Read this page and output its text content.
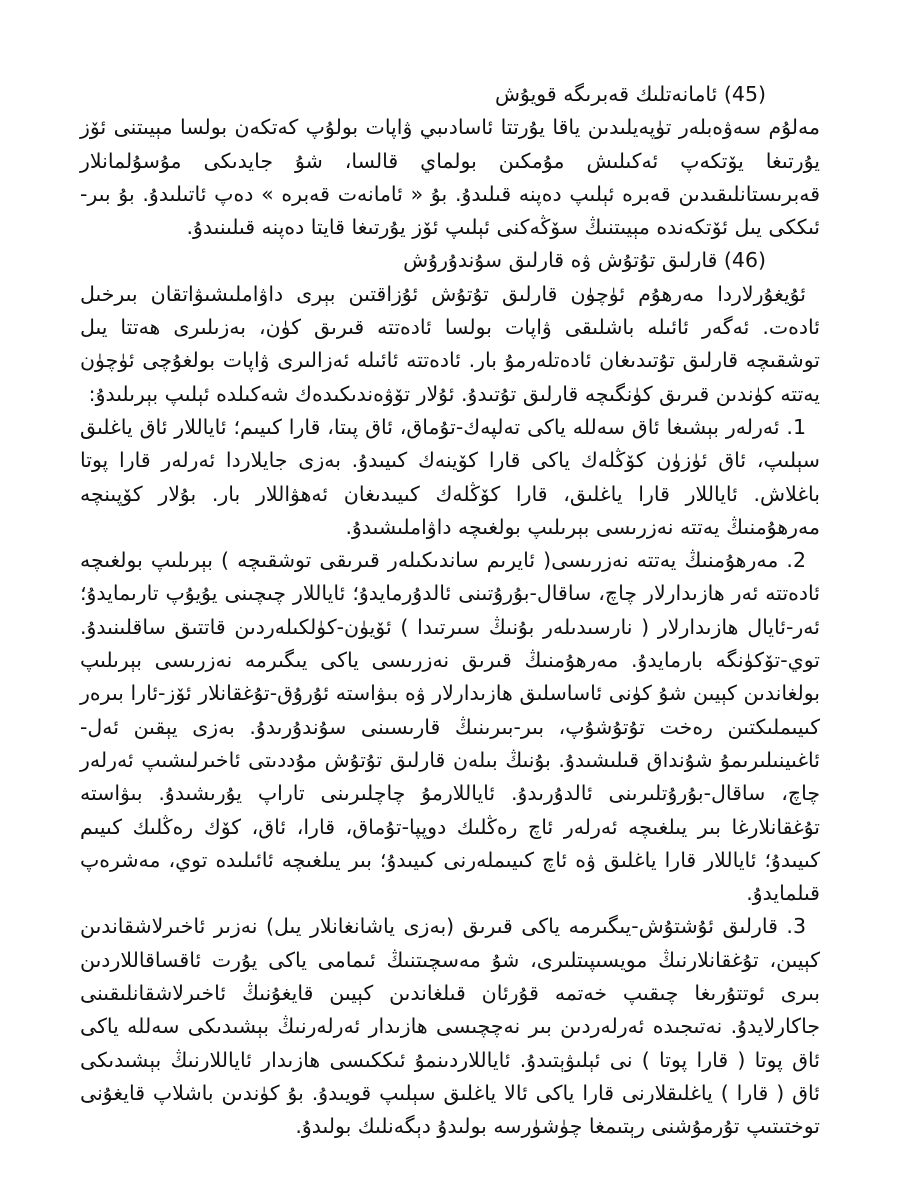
(45) ئامانەتلىك قەبرىگە قويۇش

مەلۇم سەۋەبلەر تۈپەيلىدىن ياقا يۇرتتا ئاسادىبي ۋاپات بولۇپ كەتكەن بولسا مېيىتنى ئۆز يۇرتىغا يۆتكەپ ئەكىلىش مۇمكىن بولماي قالسا، شۇ جايدىكى مۇسۇلمانلار قەبرىستانلىقىدىن قەبرە ئېلىپ دەپنە قىلىدۇ. بۇ « ئامانەت قەبرە » دەپ ئاتىلىدۇ. بۇ بىر-ئىككى يىل ئۆتكەندە مېيىتنىڭ سۆڭەكنى ئېلىپ ئۆز يۇرتىغا قايتا دەپنە قىلىنىدۇ.

(46) قارلىق تۇتۇش ۋە قارلىق سۇندۇرۇش

ئۇيغۇرلاردا مەرھۇم ئۈچۈن قارلىق تۇتۇش ئۇزاقتىن بېرى داۋاملىشىۋاتقان بىرخىل ئادەت. ئەگەر ئائىلە باشلىقى ۋاپات بولسا ئادەتتە قىرىق كۈن، بەزىلىرى ھەتتا يىل توشقىچە قارلىق تۇتىدىغان ئادەتلەرمۇ بار. ئادەتتە ئائىلە ئەزالىرى ۋاپات بولغۇچى ئۈچۈن يەتتە كۈندىن قىرىق كۈنگىچە قارلىق تۇتىدۇ. ئۇلار تۆۋەندىكىدەك شەكىلدە ئېلىپ بېرىلىدۇ:

1. ئەرلەر بېشىغا ئاق سەللە ياكى تەلپەك-تۇماق، ئاق پىتا، قارا كىيىم؛ ئاياللار ئاق ياغلىق سېلىپ، ئاق ئۈزۈن كۆڭلەك ياكى قارا كۆينەك كىيىدۇ. بەزى جايلاردا ئەرلەر قارا پوتا باغلاش. ئاياللار قارا ياغلىق، قارا كۆڭلەك كىيىدىغان ئەھۋاللار بار. بۇلار كۆپىنچە مەرھۇمنىڭ يەتتە نەزرىسى بېرىلىپ بولغىچە داۋاملىشىدۇ.

2. مەرھۇمنىڭ يەتتە نەزرىسى( ئايرىم ساندىكىلەر قىرىقى توشقىچە ) بېرىلىپ بولغىچە ئادەتتە ئەر ھازىدارلار چاچ، ساقال-بۇرۇتىنى ئالدۇرمايدۇ؛ ئاياللار چىچىنى يۇيۇپ تارىمايدۇ؛ ئەر-ئايال ھازىدارلار ( نارسىدىلەر بۇنىڭ سىرتىدا ) ئۆيۈن-كۈلكىلەردىن قاتتىق ساقلىنىدۇ. توي-تۆكۈنگە بارمايدۇ. مەرھۇمنىڭ قىرىق نەزرىسى ياكى يىگىرمە نەزرىسى بېرىلىپ بولغاندىن كېيىن شۇ كۈنى ئاساسلىق ھازىدارلار ۋە بىۋاستە ئۇرۇق-تۇغقانلار ئۆز-ئارا بىرەر كىيىملىكتىن رەخت تۇتۇشۇپ، بىر-بىرىنىڭ قارىسىنى سۇندۇرىدۇ. بەزى يېقىن ئەل-ئاغىينىلىرىمۇ شۇنداق قىلىشىدۇ. بۇنىڭ بىلەن قارلىق تۇتۇش مۇددىتى ئاخىرلىشىپ ئەرلەر چاچ، ساقال-بۇرۇتلىرىنى ئالدۇرىدۇ. ئاياللارمۇ چاچلىرىنى تاراپ يۇرىشىدۇ. بىۋاستە تۇغقانلارغا بىر يىلغىچە ئەرلەر ئاچ رەڭلىك دوپپا-تۇماق، قارا، ئاق، كۆك رەڭلىك كىيىم كىيىدۇ؛ ئاياللار قارا ياغلىق ۋە ئاچ كىيىملەرنى كىيىدۇ؛ بىر يىلغىچە ئائىلىدە توي، مەشرەپ قىلمايدۇ.

3. قارلىق ئۇشتۇش-يىگىرمە ياكى قىرىق (بەزى ياشانغانلار يىل) نەزىر ئاخىرلاشقاندىن كېيىن، تۇغقانلارنىڭ مويسىپىتلىرى، شۇ مەسچىتنىڭ ئىمامى ياكى يۇرت ئاقساقاللاردىن بىرى ئوتتۇرىغا چىقىپ خەتمە قۇرئان قىلغاندىن كېيىن قايغۇنىڭ ئاخىرلاشقانلىقىنى جاكارلايدۇ. نەتىجىدە ئەرلەردىن بىر نەچچىسى ھازىدار ئەرلەرنىڭ بېشىدىكى سەللە ياكى ئاق پوتا ( قارا پوتا ) نى ئېلىۋېتىدۇ. ئاياللاردىنمۇ ئىككىسى ھازىدار ئاياللارنىڭ بېشىدىكى ئاق ( قارا ) ياغلىقلارنى قارا ياكى ئالا ياغلىق سېلىپ قويىدۇ. بۇ كۈندىن باشلاپ قايغۇنى توختىتىپ تۇرمۇشنى رېتىمغا چۈشۈرسە بولىدۇ دېگەنلىك بولىدۇ.
